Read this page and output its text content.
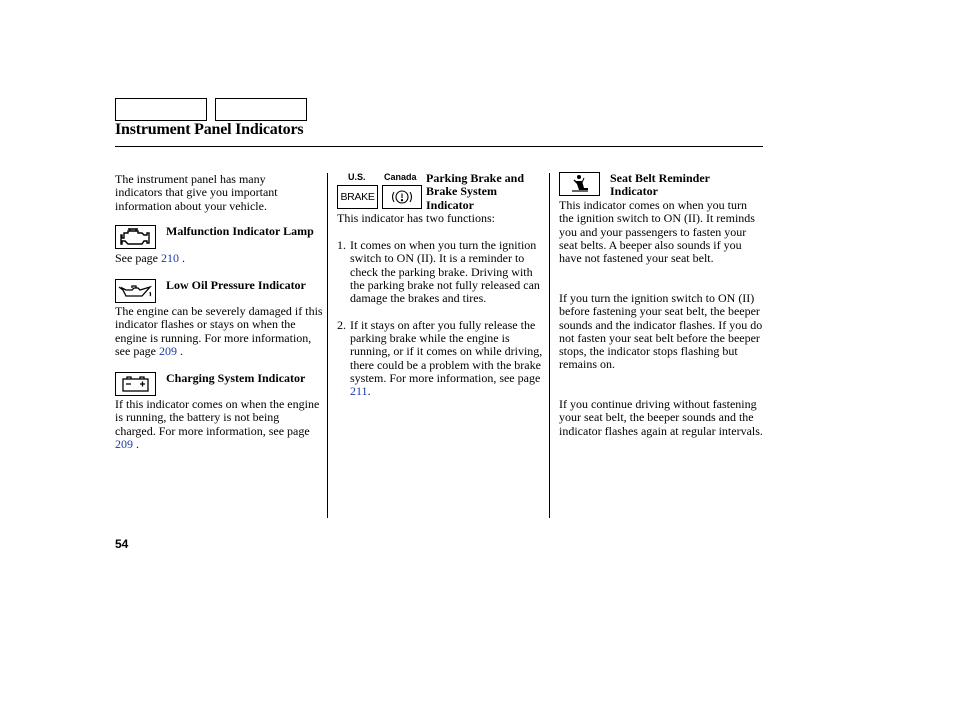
Instrument Panel Indicators
The instrument panel has many indicators that give you important information about your vehicle.
Malfunction Indicator Lamp
See page 210 .
Low Oil Pressure Indicator
The engine can be severely damaged if this indicator flashes or stays on when the engine is running. For more information, see page 209 .
Charging System Indicator
If this indicator comes on when the engine is running, the battery is not being charged. For more information, see page 209 .
U.S. Canada
BRAKE
Parking Brake and Brake System Indicator
This indicator has two functions:
1. It comes on when you turn the ignition switch to ON (II). It is a reminder to check the parking brake. Driving with the parking brake not fully released can damage the brakes and tires.
2. If it stays on after you fully release the parking brake while the engine is running, or if it comes on while driving, there could be a problem with the brake system. For more information, see page 211.
Seat Belt Reminder Indicator
This indicator comes on when you turn the ignition switch to ON (II). It reminds you and your passengers to fasten your seat belts. A beeper also sounds if you have not fastened your seat belt.
If you turn the ignition switch to ON (II) before fastening your seat belt, the beeper sounds and the indicator flashes. If you do not fasten your seat belt before the beeper stops, the indicator stops flashing but remains on.
If you continue driving without fastening your seat belt, the beeper sounds and the indicator flashes again at regular intervals.
54
